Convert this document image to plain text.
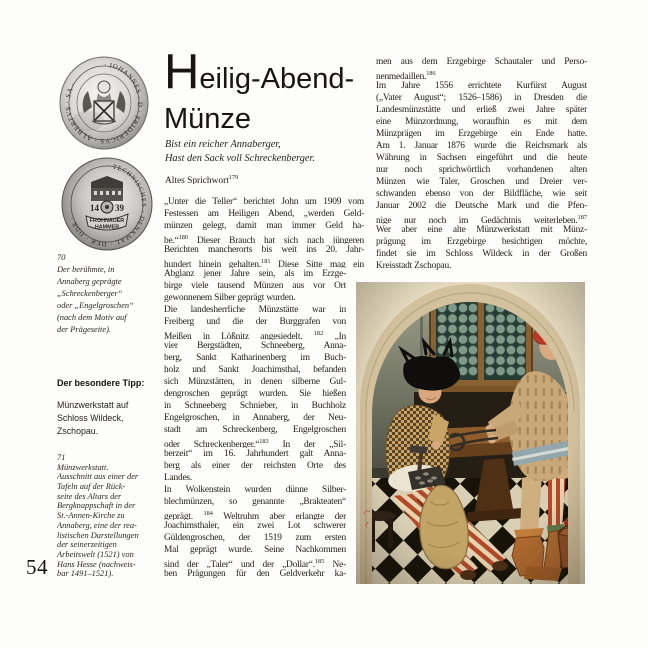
· IOHANNES · D · FRIDERICVS · ALBERTVS · SA ·
· TECHNISCHES · DENKMAL · DER · DDR ·
14 39
FROHNAUER
HAMMER
70
Der berühmte, in
Annaberg geprägte
„Schreckenberger“
oder „Engelgroschen“
(nach dem Motiv auf
der Prägeseite).
Der besondere Tipp:
Münzwerkstatt auf
Schloss Wildeck,
Zschopau.
71
Münzwerkstatt.
Ausschnitt aus einer der
Tafeln auf der Rück-
seite des Altars der
Bergknappschaft in der
St.-Annen-Kirche zu
Annaberg, eine der rea-
listischen Darstellungen
der seinerzeitigen
Arbeitswelt (1521) von
Hans Hesse (nachweis-
bar 1491–1521).
54
Heilig-Abend-
Münze
Bist ein reicher Annaberger,
Hast den Sack voll Schreckenberger.
Altes Sprichwort$^{179}$
„Unter die Teller“ berichtet John um 1909 vom
Festessen am Heiligen Abend, „werden Geld-
münzen gelegt, damit man immer Geld ha-
be.“$^{180}$ Dieser Brauch hat sich nach jüngeren
Berichten mancherorts bis weit ins 20. Jahr-
hundert hinein gehalten.$^{181}$ Diese Sitte mag ein
Abglanz jener Jahre sein, als im Erzge-
birge viele tausend Münzen aus vor Ort
gewonnenem Silber geprägt wurden.
Die landesherrliche Münzstätte war in
Freiberg und die der Burggrafen von
Meißen in Lößnitz angesiedelt. $^{182}$ „In
vier Bergstädten, Schneeberg, Anna-
berg, Sankt Katharinenberg im Buch-
holz und Sankt Joachimsthal, befanden
sich Münzstätten, in denen silberne Gul-
dengroschen geprägt wurden. Sie hießen
in Schneeberg Schnieber, in Buchholz
Engelgroschen, in Annaberg, der Neu-
stadt am Schreckenberg, Engelgroschen
oder Schreckenberger.“$^{183}$ In der „Sil-
berzeit“ im 16. Jahrhundert galt Anna-
berg als einer der reichsten Orte des
Landes.
In Wolkenstein wurden dünne Silber-
blechmünzen, so genannte „Brakteaten“
geprägt. $^{184}$ Weltruhm aber erlangte der
Joachimsthaler, ein zwei Lot schwerer
Güldengroschen, der 1519 zum ersten
Mal geprägt wurde. Seine Nachkommen
sind der „Taler“ und der „Dollar“.$^{185}$ Ne-
ben Prägungen für den Geldverkehr ka-
men aus dem Erzgebirge Schautaler und Perso-
nenmedaillen.$^{186}$
Im Jahre 1556 errichtete Kurfürst August
(„Vater August“; 1526–1586) in Dresden die
Landesmünzstätte und erließ zwei Jahre später
eine Münzordnung, woraufhin es mit dem
Münzprägen im Erzgebirge ein Ende hatte.
Am 1. Januar 1876 wurde die Reichsmark als
Währung in Sachsen eingeführt und die heute
nur noch sprichwörtlich vorhandenen alten
Münzen wie Taler, Groschen und Dreier ver-
schwanden ebenso von der Bildfläche, wie seit
Januar 2002 die Deutsche Mark und die Pfen-
nige nur noch im Gedächtnis weiterleben.$^{187}$
Wer aber eine alte Münzwerkstatt mit Münz-
prägung im Erzgebirge besichtigen möchte,
findet sie im Schloss Wildeck in der Großen
Kreisstadt Zschopau.
